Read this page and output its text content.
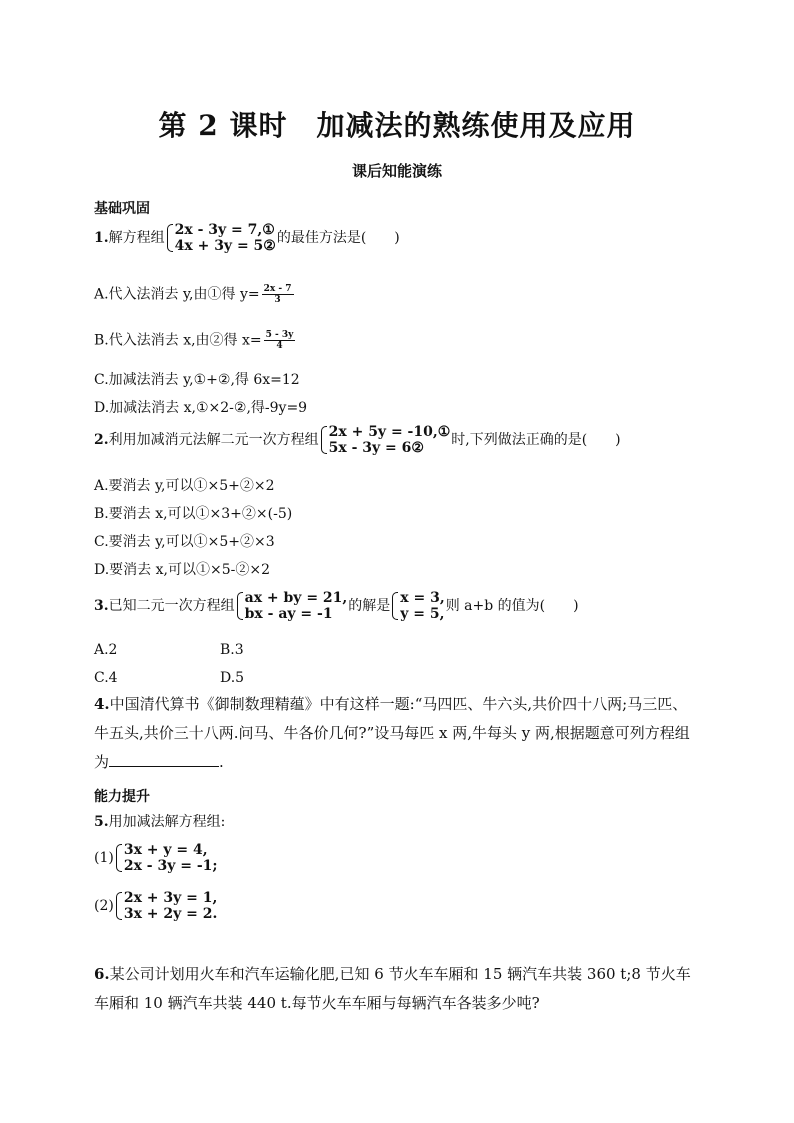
第 2 课时　加减法的熟练使用及应用
课后知能演练
基础巩固
1.解方程组 2x - 3y = 7,①
4x + 3y = 5② 的最佳方法是(　　)
A.代入法消去 y,由①得 $y= \frac{2x - 7}{3}$
B.代入法消去 x,由②得 $x= \frac{5 - 3y}{4}$
C.加减法消去 y,①+②,得 6x=12
D.加减法消去 x,①×2-②,得-9y=9
2.利用加减消元法解二元一次方程组 2x + 5y = -10,①
5x - 3y = 6②	时,下列做法正确的是(　　)
A.要消去 y,可以①×5+②×2
B.要消去 x,可以①×3+②×(-5)
C.要消去 y,可以①×5+②×3
D.要消去 x,可以①×5-②×2
3.已知二元一次方程组 ax + by = 21,
bx - ay = -1	的解是 x = 3,
y = 5, 则 a+b 的值为(　　)
A.2	B.3
C.4	D.5
4.中国清代算书《御制数理精蕴》中有这样一题:“马四匹、牛六头,共价四十八两;马三匹、牛五头,共价三十八两.问马、牛各价几何?”设马每匹 x 两,牛每头 y 两,根据题意可列方程组为	.
能力提升
5.用加减法解方程组:
(1) 3x + y = 4,
2x - 3y = -1;
(2) 2x + 3y = 1,
3x + 2y = 2.
6.某公司计划用火车和汽车运输化肥,已知 6 节火车车厢和 15 辆汽车共装 360 t;8 节火车车厢和 10 辆汽车共装 440 t.每节火车车厢与每辆汽车各装多少吨?
